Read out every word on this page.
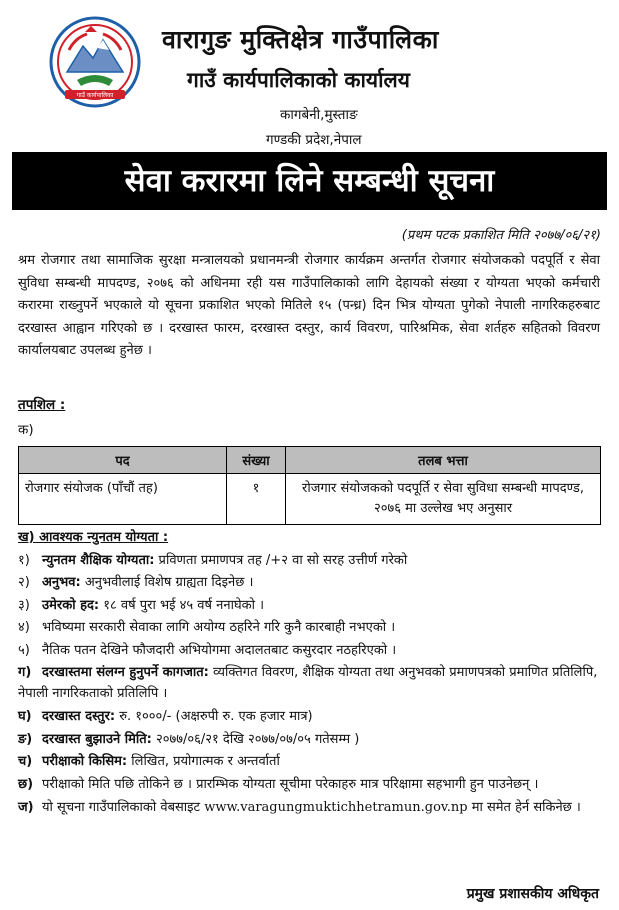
गाउँ कार्यपालिका
वारागुङ मुक्तिक्षेत्र गाउँपालिका
गाउँ कार्यपालिकाको कार्यालय
कागबेनी,मुस्ताङ
गण्डकी प्रदेश,नेपाल
सेवा करारमा लिने सम्बन्धी सूचना
(प्रथम पटक प्रकाशित मिति २०७७/०६/२१)
श्रम रोजगार तथा सामाजिक सुरक्षा मन्त्रालयको प्रधानमन्त्री रोजगार कार्यक्रम अन्तर्गत रोजगार संयोजकको पदपूर्ति र सेवा सुविधा सम्बन्धी मापदण्ड, २०७६ को अधिनमा रही यस गाउँपालिकाको लागि देहायको संख्या र योग्यता भएको कर्मचारी करारमा राख्नुपर्ने भएकाले यो सूचना प्रकाशित भएको मितिले १५ (पन्ध्र) दिन भित्र योग्यता पुगेको नेपाली नागरिकहरुबाट दरखास्त आह्वान गरिएको छ । दरखास्त फारम, दरखास्त दस्तुर, कार्य विवरण, पारिश्रमिक, सेवा शर्तहरु सहितको विवरण कार्यालयबाट उपलब्ध हुनेछ ।
तपशिल :
क)
पद	संख्या	तलब भत्ता
रोजगार संयोजक (पाँचौं तह)	१	रोजगार संयोजकको पदपूर्ति र सेवा सुविधा सम्बन्धी मापदण्ड, २०७६ मा उल्लेख भए अनुसार
ख) आवश्यक न्युनतम योग्यता :
१) न्युनतम शैक्षिक योग्यता: प्रविणता प्रमाणपत्र तह /+२ वा सो सरह उत्तीर्ण गरेको
२) अनुभव: अनुभवीलाई विशेष ग्राह्यता दिइनेछ ।
३) उमेरको हद: १८ वर्ष पुरा भई ४५ वर्ष ननाघेको ।
४) भविष्यमा सरकारी सेवाका लागि अयोग्य ठहरिने गरि कुनै कारबाही नभएको ।
५) नैतिक पतन देखिने फौजदारी अभियोगमा अदालतबाट कसुरदार नठहरिएको ।
ग) दरखास्तमा संलग्न हुनुपर्ने कागजात: व्यक्तिगत विवरण, शैक्षिक योग्यता तथा अनुभवको प्रमाणपत्रको प्रमाणित प्रतिलिपि, नेपाली नागरिकताको प्रतिलिपि ।
घ) दरखास्त दस्तुर: रु. १०००/- (अक्षरुपी रु. एक हजार मात्र)
ङ) दरखास्त बुझाउने मिति: २०७७/०६/२१ देखि २०७७/०७/०५ गतेसम्म )
च) परीक्षाको किसिम: लिखित, प्रयोगात्मक र अन्तर्वार्ता
छ) परीक्षाको मिति पछि तोकिने छ । प्रारम्भिक योग्यता सूचीमा परेकाहरु मात्र परिक्षामा सहभागी हुन पाउनेछन् ।
ज) यो सूचना गाउँपालिकाको वेबसाइट www.varagungmuktichhetramun.gov.np मा समेत हेर्न सकिनेछ ।
प्रमुख प्रशासकीय अधिकृत
